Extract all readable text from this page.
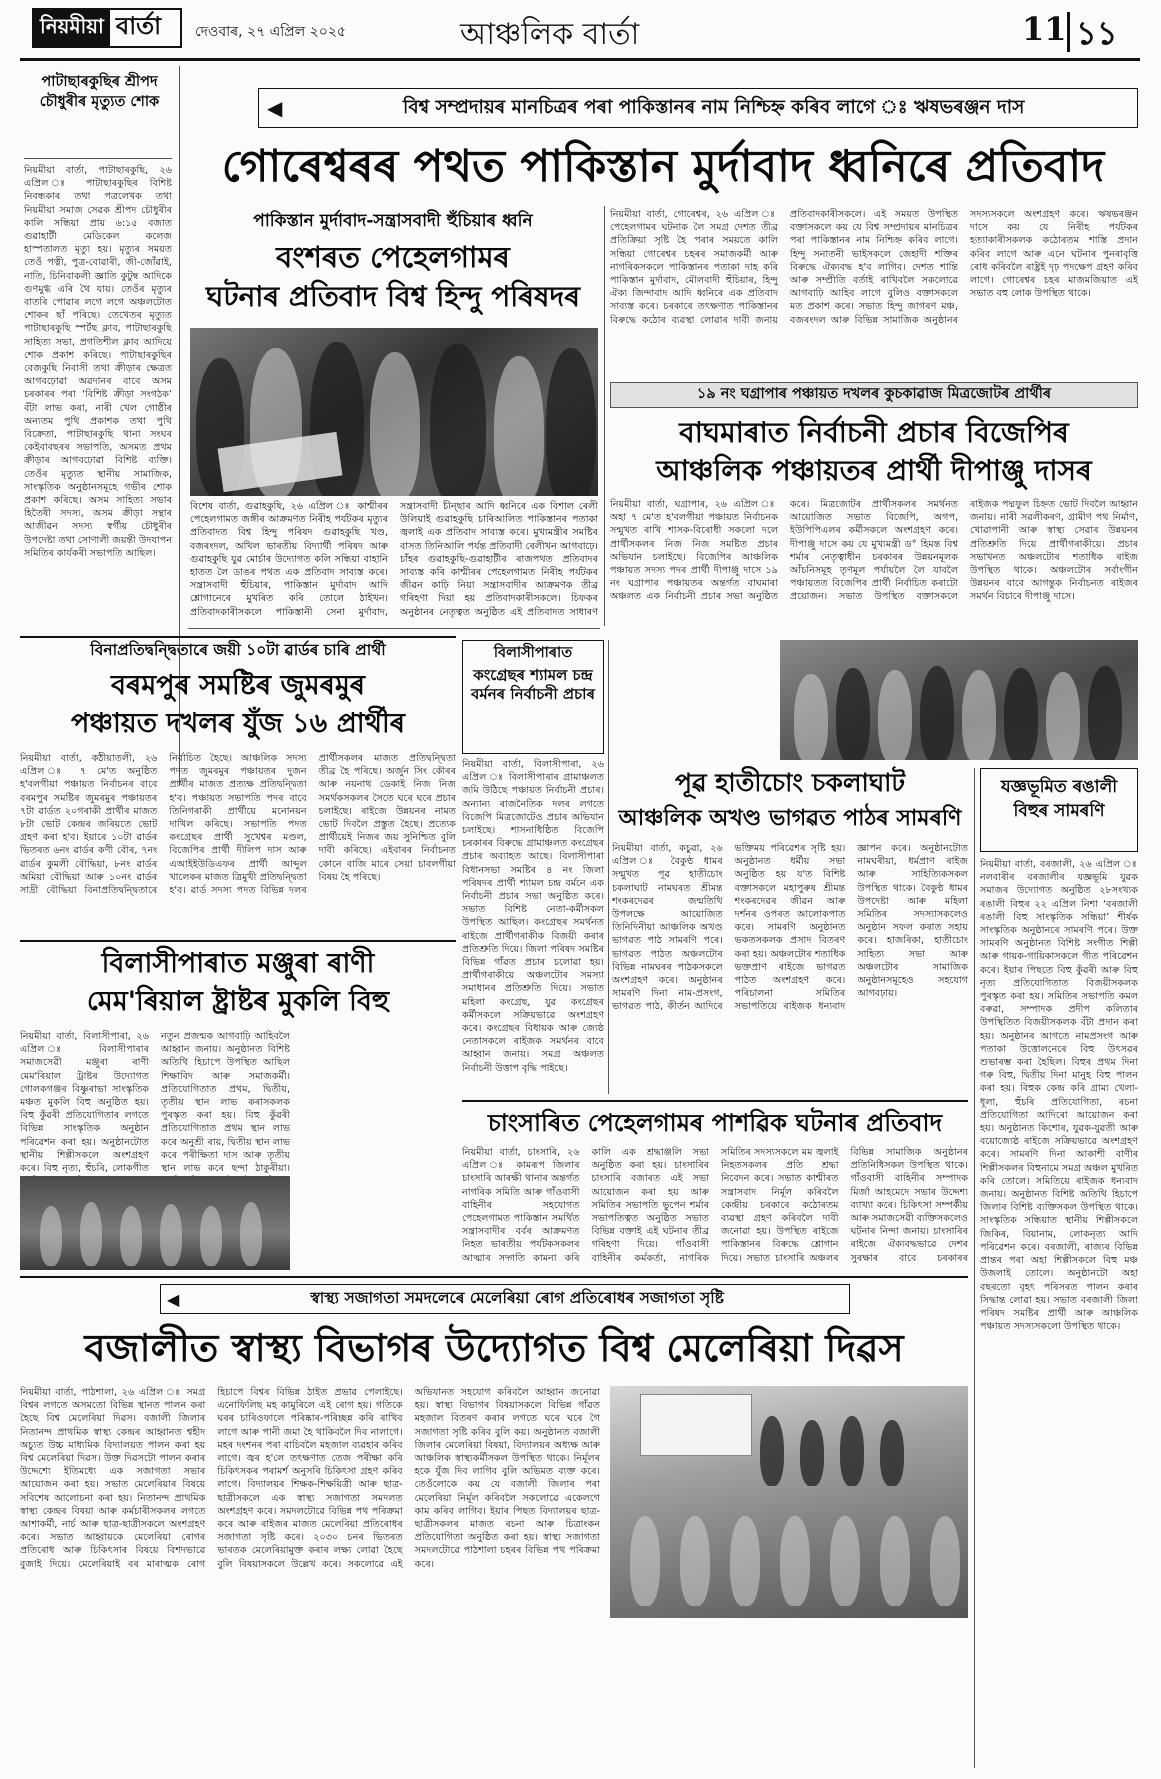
নিয়মীয়া বাৰ্তা	দেওবাৰ, ২৭ এপ্ৰিল ২০২৫	আঞ্চলিক বাৰ্তা	11 ১১
পাটাছাৰকুছিৰ শ্ৰীপদ চৌধুৰীৰ মৃত্যুত শোক
নিয়মীয়া বাৰ্তা, পাটাছাৰকুছি, ২৬ এপ্ৰিল ঃ পাটাছাৰকুছিৰ বিশিষ্ট নিবন্ধকাৰ তথা পত্ৰলেখক তথা নিয়মীয়া সমাজ সেৱক শ্ৰীপদ চৌধুৰীৰ কালি সন্ধিয়া প্ৰায় ৬:১৫ বজাত গুৱাহাটী মেডিকেল কলেজ হাস্পতালত মৃত্যু হয়। মৃত্যুৰ সময়ত তেওঁ পত্নী, পুত্ৰ-বোৱাৰী, জী-জোঁৱাই, নাতি, চিনিবাকলী জ্ঞাতি কুটুম্ব আদিকে গুণমুগ্ধ এৰি থৈ যায়। তেওঁৰ মৃত্যুৰ বাতৰি পোৱাৰ লগে লগে অঞ্চলটোত শোকৰ ছাঁ পৰিছে। তেখেতৰ মৃত্যুত পাটাছাৰকুছি স্পৰ্টছ ক্লাব, পাটাছাৰকুছি সাহিত্য সভা, প্ৰগতিশীল ক্লাব আদিয়ে শোক প্ৰকাশ কৰিছে। পাটাছাৰকুছিৰ বেজকুছি নিবাসী তথা ক্ৰীড়াৰ ক্ষেত্ৰত আগবঢ়োৱা অৱদানৰ বাবে অসম চৰকাৰৰ পৰা ‘বিশিষ্ট ক্ৰীড়া সংগঠক’ বঁটা লাভ কৰা, নাৰী খেল গোষ্ঠীৰ অন্যতম পুথি প্ৰকাশক তথা পুথি বিক্ৰেতা, পাটাছাৰকুছি থানা সংঘৰ কেইবাবছৰৰ সভাপতি, অসমত প্ৰথম ক্ৰীড়াৰ আগবঢ়োৱা বিশিষ্ট ব্যক্তি। তেওঁৰ মৃত্যুত স্থানীয় সামাজিক, সাংস্কৃতিক অনুষ্ঠানসমূহে গভীৰ শোক প্ৰকাশ কৰিছে। অসম সাহিত্য সভাৰ হিতৈষী সদস্য, অসম ক্ৰীড়া সন্থাৰ আজীৱন সদস্য স্বৰ্গীয় চৌধুৰীৰ উপদেষ্টা তথা সোণালী জয়ন্তী উদযাপন সমিতিৰ কাৰ্যকৰী সভাপতি আছিল।
◀	বিশ্ব সম্প্ৰদায়ৰ মানচিত্ৰৰ পৰা পাকিস্তানৰ নাম নিশ্চিহ্ন কৰিব লাগে ঃ ঋষভৰঞ্জন দাস
গোৰেশ্বৰৰ পথত পাকিস্তান মুৰ্দাবাদ ধ্বনিৰে প্ৰতিবাদ
পাকিস্তান মুৰ্দাবাদ-সন্ত্ৰাসবাদী হুঁচিয়াৰ ধ্বনি
বংশৰত পেহেলগামৰ
ঘটনাৰ প্ৰতিবাদ বিশ্ব হিন্দু পৰিষদৰ
বিশেষ বাৰ্তা, গুৱাহকুছি, ২৬ এপ্ৰিল ঃ কাশ্মীৰৰ পেহেলগামত জঙ্গীৰ আক্ৰমণত নিৰীহ পৰ্যটকৰ মৃত্যুৰ প্ৰতিবাদত বিশ্ব হিন্দু পৰিষদ গুৱাহকুছি খণ্ড, বজৰংদল, অখিল ভাৰতীয় বিদ্যাৰ্থী পৰিষদ আৰু গুৱাহকুছি যুৱ মোৰ্চাৰ উদ্যোগত কলি সন্ধিয়া বাহানি হাতত লৈ ডাঙৰ পথত এক প্ৰতিবাদ সাব্যস্ত কৰে। সন্ত্ৰাসবাদী হুঁচিয়াৰ, পাকিস্তান মুৰ্দাবাদ আদি শ্লোগানেৰে মুখৰিত কৰি তোলে ঠাইখন। প্ৰতিবাদকাৰীসকলে পাকিস্তানী সেনা মুৰ্দাবাদ, সন্ত্ৰাসবাদী চীন্ছাৰ আদি ধ্বনিৰে এক বিশাল ৰেলী উলিয়াই গুৱাহকুছি চাৰিআলিত পাকিস্তানৰ পতাকা জ্বলাই এক প্ৰতিবাদ সাব্যস্ত কৰে। মুখ্যমন্ত্ৰীৰ সমষ্টিৰ বাসত তিনিআলি পৰ্যন্ত প্ৰতিবাদী ৰেলীখন আগবাঢ়ে। চাঁহৰ গুৱাহকুছি-গুৱাহাটীৰ ৰাজপথত প্ৰতিবাদৰ সাব্যস্ত কৰি কাশ্মীৰৰ পেহেলগামত নিৰীহ পৰ্যটকৰ জীৱন কাঢ়ি নিয়া সন্ত্ৰাসবাদীৰ আক্ৰমণক তীব্ৰ গৰিহণা দিয়া হয় প্ৰতিবাদকাৰীসকলে। চিফকৰ অনুষ্ঠানৰ নেতৃত্বত অনুষ্ঠিত এই প্ৰতিবাদত সাধাৰণ
নিয়মীয়া বাৰ্তা, গোৰেশ্বৰ, ২৬ এপ্ৰিল ঃ পেহেলগামৰ ঘটনাক লৈ সমগ্ৰ দেশত তীব্ৰ প্ৰতিক্ৰিয়া সৃষ্টি হৈ পৰাৰ সময়তে কালি সন্ধিয়া গোৰেশ্বৰ চহৰৰ সমাজকৰ্মী আৰু নাগৰিকসকলে পাকিস্তানৰ পতাকা দাহ কৰি পাকিস্তান মুৰ্দাবাদ, মৌলবাদী হুঁচিয়াৰ, হিন্দু ঐক্য জিন্দাবাদ আদি ধ্বনিৰে এক প্ৰতিবাদ সাব্যস্ত কৰে। চৰকাৰে তৎক্ষণাত পাকিস্তানৰ বিৰুদ্ধে কঠোৰ ব্যৱস্থা লোৱাৰ দাবী জনায় প্ৰতিবাদকাৰীসকলে। এই সময়ত উপস্থিত বক্তাসকলে কয় যে বিশ্ব সম্প্ৰদায়ৰ মানচিত্ৰৰ পৰা পাকিস্তানৰ নাম নিশ্চিহ্ন কৰিব লাগে। হিন্দু সনাতনী ভাইসকলে জেহাদী শক্তিৰ বিৰুদ্ধে ঐক্যবদ্ধ হ'ব লাগিব। দেশত শান্তি আৰু সম্প্ৰীতি বৰ্তাই ৰাখিবলৈ সকলোৱে আগবাঢ়ি আহিব লাগে বুলিও বক্তাসকলে মত প্ৰকাশ কৰে। সভাত হিন্দু জাগৰণ মঞ্চ, বজৰংদল আৰু বিভিন্ন সামাজিক অনুষ্ঠানৰ সদস্যসকলে অংশগ্ৰহণ কৰে। ঋষভৰঞ্জন দাসে কয় যে নিৰীহ পৰ্যটকৰ হত্যাকাৰীসকলক কঠোৰতম শাস্তি প্ৰদান কৰিব লাগে আৰু এনে ঘটনাৰ পুনৰাবৃত্তি ৰোধ কৰিবলৈ ৰাষ্ট্ৰই দৃঢ় পদক্ষেপ গ্ৰহণ কৰিব লাগে। গোৰেশ্বৰ চহৰ মাজমজিয়াত এই সভাত বহু লোক উপস্থিত থাকে।
১৯ নং ঘগ্ৰাপাৰ পঞ্চায়ত দখলৰ কুচকাৱাজ মিত্ৰজোটৰ প্ৰাৰ্থীৰ
বাঘমাৰাত নিৰ্বাচনী প্ৰচাৰ বিজেপিৰ
আঞ্চলিক পঞ্চায়তৰ প্ৰাৰ্থী দীপাঞ্জু দাসৰ
নিয়মীয়া বাৰ্তা, ঘগ্ৰাপাৰ, ২৬ এপ্ৰিল ঃ অহা ৭ মে'ত হ'বলগীয়া পঞ্চায়ত নিৰ্বাচনক সন্মুখত ৰাখি শাসক-বিৰোধী সকলো দলে প্ৰাৰ্থীসকলৰ নিজ নিজ সমষ্টিত প্ৰচাৰ অভিযান চলাইছে। বিজেপিৰ আঞ্চলিক পঞ্চায়ত সদস্য পদৰ প্ৰাৰ্থী দীপাঞ্জু দাসে ১৯ নং ঘগ্ৰাপাৰ পঞ্চায়তৰ অন্তৰ্গত বাঘমাৰা অঞ্চলত এক নিৰ্বাচনী প্ৰচাৰ সভা অনুষ্ঠিত কৰে। মিত্ৰজোটৰ প্ৰাৰ্থীসকলৰ সমৰ্থনত আয়োজিত সভাত বিজেপি, অগপ, ইউপিপিএলৰ কৰ্মীসকলে অংশগ্ৰহণ কৰে। দীপাঞ্জু দাসে কয় যে মুখ্যমন্ত্ৰী ড° হিমন্ত বিশ্ব শৰ্মাৰ নেতৃত্বাধীন চৰকাৰৰ উন্নয়নমূলক আঁচনিসমূহ তৃণমূল পৰ্যায়লৈ লৈ যাবলৈ পঞ্চায়তত বিজেপিৰ প্ৰাৰ্থী নিৰ্বাচিত কৰাটো প্ৰয়োজন। সভাত উপস্থিত বক্তাসকলে ৰাইজক পদ্মফুল চিহ্নত ভোট দিবলৈ আহ্বান জনায়। নাৰী সৱলীকৰণ, গ্ৰামীণ পথ নিৰ্মাণ, খোৱাপানী আৰু স্বাস্থ্য সেৱাৰ উন্নয়নৰ প্ৰতিশ্ৰুতি দিয়ে প্ৰাৰ্থীগৰাকীয়ে। প্ৰচাৰ সভাখনত অঞ্চলটোৰ শতাধিক ৰাইজ উপস্থিত থাকে। অঞ্চলটোৰ সৰ্বাংগীন উন্নয়নৰ বাবে আগন্তুক নিৰ্বাচনত ৰাইজৰ সমৰ্থন বিচাৰে দীপাঞ্জু দাসে।
বিনাপ্ৰতিদ্বন্দ্বিতাৰে জয়ী ১০টা ৱাৰ্ডৰ চাৰি প্ৰাৰ্থী
বৰমপুৰ সমষ্টিৰ জুমৰমুৰ
পঞ্চায়ত দখলৰ যুঁজ ১৬ প্ৰাৰ্থীৰ
নিয়মীয়া বাৰ্তা, কঠীয়াতলী, ২৬ এপ্ৰিল ঃ ৭ মে'ত অনুষ্ঠিত হ'বলগীয়া পঞ্চায়ত নিৰ্বাচনৰ বাবে বৰমপুৰ সমষ্টিৰ জুমৰমুৰ পঞ্চায়তৰ ৭টা ৱাৰ্ডত ২০গৰাকী প্ৰাৰ্থীৰ মাজত ৮টা ভোট কেন্দ্ৰৰ জৰিয়তে ভোট গ্ৰহণ কৰা হ'ব। ইয়াৰে ১০টা ৱাৰ্ডৰ ভিতৰত ৬নং ৱাৰ্ডৰ কণী বৌৰ, ৭নং ৱাৰ্ডৰ কুমলী বৌদ্ধিয়া, ৮নং ৱাৰ্ডৰ অমিয়া বৌদ্ধিয়া আৰু ১০নং ৱাৰ্ডৰ সাদ্ৰী বৌদ্ধিয়া বিনাপ্ৰতিদ্বন্দ্বিতাৰে নিৰ্বাচিত হৈছে। আঞ্চলিক সদস্য পদত জুমৰমুৰ পঞ্চায়তৰ দুজন প্ৰাৰ্থীৰ মাজত প্ৰত্যক্ষ প্ৰতিদ্বন্দ্বিতা হ'ব। পঞ্চায়ত সভাপতি পদৰ বাবে তিনিগৰাকী প্ৰাৰ্থীয়ে মনোনয়ন দাখিল কৰিছে। সভাপতি পদত কংগ্ৰেছৰ প্ৰাৰ্থী সুখেশ্বৰ মণ্ডল, বিজেপিৰ প্ৰাৰ্থী দীলিপ দাস আৰু এআইইউডিএফৰ প্ৰাৰ্থী আব্দুল খালেকৰ মাজত ত্ৰিমুখী প্ৰতিদ্বন্দ্বিতা হ'ব। ৱাৰ্ড সদস্য পদত বিভিন্ন দলৰ প্ৰাৰ্থীসকলৰ মাজত প্ৰতিদ্বন্দ্বিতা তীব্ৰ হৈ পৰিছে। অৰ্জুন সিং কৌৰৰ আৰু নয়নাথ ডেকাই নিজ নিজ সমৰ্থকসকলৰ সৈতে ঘৰে ঘৰে প্ৰচাৰ চলাইছে। ৰাইজে উন্নয়নৰ নামত ভোট দিবলৈ প্ৰস্তুত হৈছে। প্ৰত্যেক প্ৰাৰ্থীয়েই নিজৰ জয় সুনিশ্চিত বুলি দাবী কৰিছে। এইবাৰৰ নিৰ্বাচনত কোনে বাজি মাৰে সেয়া চাবলগীয়া বিষয় হৈ পৰিছে।
বিলাসীপাৰাত
কংগ্ৰেছৰ শ্যামল চন্দ্ৰ বৰ্মনৰ নিৰ্বাচনী প্ৰচাৰ
নিয়মীয়া বাৰ্তা, বিলাসীপাৰা, ২৬ এপ্ৰিল ঃ বিলাসীপাৰাৰ গ্ৰামাঞ্চলত জমি উঠিছে পঞ্চায়ত নিৰ্বাচনী প্ৰচাৰ। অন্যান্য ৰাজনৈতিক দলৰ লগতে বিজেপি মিত্ৰজোটেও প্ৰচাৰ অভিযান চলাইছে। শাসনাধিষ্ঠিত বিজেপি চৰকাৰৰ বিৰুদ্ধে গ্ৰামাঞ্চলত কংগ্ৰেছৰ প্ৰচাৰ অব্যাহত আছে। বিলাসীপাৰা বিধানসভা সমষ্টিৰ ৪ নং জিলা পৰিষদৰ প্ৰাৰ্থী শ্যামল চন্দ্ৰ বৰ্মনে এক নিৰ্বাচনী প্ৰচাৰ সভা অনুষ্ঠিত কৰে। সভাত বিশিষ্ট নেতা-কৰ্মীসকল উপস্থিত আছিল। কংগ্ৰেছৰ সমৰ্থনত ৰাইজে প্ৰাৰ্থীগৰাকীক বিজয়ী কৰাৰ প্ৰতিশ্ৰুতি দিয়ে। জিলা পৰিষদ সমষ্টিৰ বিভিন্ন গাঁৱত প্ৰচাৰ চলোৱা হয়। প্ৰাৰ্থীগৰাকীয়ে অঞ্চলটোৰ সমস্যা সমাধানৰ প্ৰতিশ্ৰুতি দিয়ে। সভাত মহিলা কংগ্ৰেছ, যুৱ কংগ্ৰেছৰ কৰ্মীসকলে সক্ৰিয়ভাৱে অংশগ্ৰহণ কৰে। কংগ্ৰেছৰ বিধায়ক আৰু জ্যেষ্ঠ নেতাসকলে ৰাইজক সমৰ্থনৰ বাবে আহ্বান জনায়। সমগ্ৰ অঞ্চলত নিৰ্বাচনী উত্তাপ বৃদ্ধি পাইছে।
বিলাসীপাৰাত মঞ্জুৰা ৰাণী
মেম'ৰিয়াল ষ্ট্ৰাষ্টৰ মুকলি বিহু
নিয়মীয়া বাৰ্তা, বিলাসীপাৰা, ২৬ এপ্ৰিল ঃ বিলাসীপাৰাৰ সমাজসেৱী মঞ্জুৰা ৰাণী মেম'ৰিয়াল ট্ৰাষ্টৰ উদ্যোগত গোলকগঞ্জৰ বিষ্ণুৰাভা সাংস্কৃতিক মঞ্চত মুকলি বিহু অনুষ্ঠিত হয়। বিহু কুঁৱৰী প্ৰতিযোগিতাৰ লগতে বিভিন্ন সাংস্কৃতিক অনুষ্ঠান পৰিৱেশন কৰা হয়। অনুষ্ঠানটোত স্থানীয় শিল্পীসকলে অংশগ্ৰহণ কৰে। বিহু নৃত্য, হুঁচৰি, লোকগীত নতুন প্ৰজন্মক আগবাঢ়ি আহিবলৈ আহ্বান জনায়। অনুষ্ঠানত বিশিষ্ট অতিথি হিচাপে উপস্থিত আছিল শিক্ষাবিদ আৰু সমাজকৰ্মী। প্ৰতিযোগিতাত প্ৰথম, দ্বিতীয়, তৃতীয় স্থান লাভ কৰাসকলক পুৰস্কৃত কৰা হয়। বিহু কুঁৱৰী প্ৰতিযোগিতাত প্ৰথম স্থান লাভ কৰে অনুশ্ৰী ৰায়, দ্বিতীয় স্থান লাভ কৰে পৰীক্ষিতা দাস আৰু তৃতীয় স্থান লাভ কৰে ছন্দা ঠাকুৰীয়া।
পূৱ হাতীচোং চকলাঘাট
আঞ্চলিক অখণ্ড ভাগৱত পাঠৰ সামৰণি
নিয়মীয়া বাৰ্তা, কচুৱা, ২৬ এপ্ৰিল ঃ বৈকুণ্ঠ ধামৰ সন্মুখত পূৱ হাতীচোং চকলাঘাট নামঘৰত শ্ৰীমন্ত শংকৰদেৱৰ জন্মতিথি উপলক্ষে আয়োজিত তিনিদিনীয়া আঞ্চলিক অখণ্ড ভাগৱত পাঠ সামৰণি পৰে। ভাগৱত পাঠত অঞ্চলটোৰ বিভিন্ন নামঘৰৰ পাঠকসকলে অংশগ্ৰহণ কৰে। অনুষ্ঠানৰ সামৰণি দিনা নাম-প্ৰসংগ, ভাগৱত পাঠ, কীৰ্তন আদিৰে ভক্তিময় পৰিৱেশৰ সৃষ্টি হয়। অনুষ্ঠানত ধৰ্মীয় সভা অনুষ্ঠিত হয় য'ত বিশিষ্ট বক্তাসকলে মহাপুৰুষ শ্ৰীমন্ত শংকৰদেৱৰ জীৱন আৰু দৰ্শনৰ ওপৰত আলোকপাত কৰে। সামৰণি অনুষ্ঠানত ভকতসকলক প্ৰসাদ বিতৰণ কৰা হয়। অঞ্চলটোৰ শতাধিক ভক্তপ্ৰাণ ৰাইজে ভাগৱত পাঠত অংশগ্ৰহণ কৰে। পৰিচালনা সমিতিৰ সভাপতিয়ে ৰাইজক ধন্যবাদ জ্ঞাপন কৰে। অনুষ্ঠানটোত নামঘৰীয়া, ধৰ্মপ্ৰাণ ৰাইজ আৰু সাহিত্যিকসকল উপস্থিত থাকে। বৈকুণ্ঠ ধামৰ উপদেষ্টা আৰু মহিলা সমিতিৰ সদস্যাসকলেও অনুষ্ঠান সফল কৰাত সহায় কৰে। হাজৰিকা, হাতীচোং সাহিত্য সভা আৰু অঞ্চলটোৰ সামাজিক অনুষ্ঠানসমূহেও সহযোগ আগবঢ়ায়।
যজ্ঞভূমিত ৰঙালী বিহুৰ সামৰণি
নিয়মীয়া বাৰ্তা, বৰজালী, ২৬ এপ্ৰিল ঃ নলবাৰীৰ বৰজালীৰ যজ্ঞভূমি যুৱক সমাজৰ উদ্যোগত অনুষ্ঠিত ২৮সংখ্যক ৰঙালী বিহুৰ ২২ এপ্ৰিল নিশা ‘বৰজালী ৰঙালী বিহু সাংস্কৃতিক সন্ধিয়া’ শীৰ্ষক সাংস্কৃতিক অনুষ্ঠানৰে সামৰণি পৰে। উক্ত সামৰণি অনুষ্ঠানত বিশিষ্ট সংগীত শিল্পী আৰু গায়ক-গায়িকাসকলে গীত পৰিৱেশন কৰে। ইয়াৰ পিছতে বিহু কুঁৱৰী আৰু বিহু নৃত্য প্ৰতিযোগিতাত বিজয়ীসকলক পুৰস্কৃত কৰা হয়। সমিতিৰ সভাপতি কমল বৰুৱা, সম্পাদক প্ৰদীপ কলিতাৰ উপস্থিতিত বিজয়ীসকলক বঁটা প্ৰদান কৰা হয়। অনুষ্ঠানৰ আগতে নামপ্ৰসংগ আৰু পতাকা উত্তোলনেৰে বিহু উৎসৱৰ শুভাৰম্ভ কৰা হৈছিল। বিহুৰ প্ৰথম দিনা গৰু বিহু, দ্বিতীয় দিনা মানুহ বিহু পালন কৰা হয়। বিহুক কেন্দ্ৰ কৰি গ্ৰাম্য খেলা-ধূলা, হুঁচৰি প্ৰতিযোগিতা, ৰচনা প্ৰতিযোগিতা আদিৰো আয়োজন কৰা হয়। অনুষ্ঠানত কিশোৰ, যুৱক-যুৱতী আৰু বয়োজ্যেষ্ঠ ৰাইজে সক্ৰিয়ভাৱে অংশগ্ৰহণ কৰে। সামৰণি দিনা আকাশী বাণীৰ শিল্পীসকলৰ বিহুনামে সমগ্ৰ অঞ্চল মুখৰিত কৰি তোলে। সমিতিয়ে ৰাইজক ধন্যবাদ জনায়। অনুষ্ঠানত বিশিষ্ট অতিথি হিচাপে জিলাৰ বিশিষ্ট ব্যক্তিসকল উপস্থিত থাকে। সাংস্কৃতিক সন্ধিয়াত স্থানীয় শিল্পীসকলে জিকিৰ, বিয়ানাম, লোকনৃত্য আদি পৰিৱেশন কৰে। বৰজালী, ৰাজ্যৰ বিভিন্ন প্ৰান্তৰ পৰা অহা শিল্পীসকলে বিহু মঞ্চ উজলাই তোলে। অনুষ্ঠানটো অহা বছৰতো বৃহৎ পৰিসৰত পালন কৰাৰ সিদ্ধান্ত লোৱা হয়। সভাত বৰজালী জিলা পৰিষদ সমষ্টিৰ প্ৰাৰ্থী আৰু আঞ্চলিক পঞ্চায়ত সদস্যসকলো উপস্থিত থাকে।
চাংসাৰিত পেহেলগামৰ পাশৱিক ঘটনাৰ প্ৰতিবাদ
নিয়মীয়া বাৰ্তা, চাংসাৰি, ২৬ এপ্ৰিল ঃ কামৰূপ জিলাৰ চাংসাৰি আৰক্ষী থানাৰ অন্তৰ্গত নাগৰিক সমিতি আৰু গাঁওবাসী বাহিনীৰ সহযোগত পেহেলগামত পাকিস্তান সমৰ্থিত সন্ত্ৰাসবাদীৰ বৰ্বৰ আক্ৰমণত নিহত ভাৰতীয় পৰ্যটকসকলৰ আত্মাৰ সদ্গতি কামনা কৰি কালি এক শ্ৰদ্ধাঞ্জলি সভা অনুষ্ঠিত কৰা হয়। চাংসাৰিৰ চাংসাৰি বজাৰত এই সভা আয়োজন কৰা হয় আৰু সমিতিৰ সভাপতি ভুপেন শৰ্মাৰ সভাপতিত্বত অনুষ্ঠিত সভাত বিভিন্ন বক্তাই এই ঘটনাৰ তীব্ৰ গৰিহণা দিয়ে। গাঁওবাসী বাহিনীৰ কৰ্মকৰ্তা, নাগৰিক সমিতিৰ সদস্যসকলে মম জ্বলাই নিহতসকলৰ প্ৰতি শ্ৰদ্ধা নিবেদন কৰে। সভাত কাশ্মীৰত সন্ত্ৰাসবাদ নিৰ্মূল কৰিবলৈ কেন্দ্ৰীয় চৰকাৰে কঠোৰতম ব্যৱস্থা গ্ৰহণ কৰিবলৈ দাবী জনোৱা হয়। উপস্থিত ৰাইজে পাকিস্তানৰ বিৰুদ্ধে শ্লোগান দিয়ে। সভাত চাংসাৰি অঞ্চলৰ বিভিন্ন সামাজিক অনুষ্ঠানৰ প্ৰতিনিধিসকল উপস্থিত থাকে। গাঁওবাসী বাহিনীৰ সম্পাদক মিৰ্জা আহমেদে সভাৰ উদ্দেশ্য ব্যাখ্যা কৰে। চিকিৎসা সম্পৰ্কীয় আৰু সমাজসেৱী ব্যক্তিসকলেও ঘটনাৰ নিন্দা জনায়। চাংসাৰিৰ ৰাইজে ঐক্যবদ্ধভাৱে দেশৰ সুৰক্ষাৰ বাবে চৰকাৰৰ
◀	স্বাস্থ্য সজাগতা সমদলেৰে মেলেৰিয়া ৰোগ প্ৰতিৰোধৰ সজাগতা সৃষ্টি
বজালীত স্বাস্থ্য বিভাগৰ উদ্যোগত বিশ্ব মেলেৰিয়া দিৱস
নিয়মীয়া বাৰ্তা, পাঠশালা, ২৬ এপ্ৰিল ঃ সমগ্ৰ বিশ্বৰ লগতে অসমতো বিভিন্ন স্থানত পালন কৰা হৈছে বিশ্ব মেলেৰিয়া দিৱস। বজালী জিলাৰ নিতানন্দ প্ৰাথমিক স্বাস্থ্য কেন্দ্ৰৰ আহ্বানত শ্বহীদ অচ্যুত উচ্চ মাধ্যমিক বিদ্যালয়ত পালন কৰা হয় বিশ্ব মেলেৰিয়া দিৱস। উক্ত দিৱসটো পালন কৰাৰ উদ্দেশ্যে ইতিমধ্যে এক সজাগতা সভাৰ আয়োজন কৰা হয়। সভাত মেলেৰিয়াৰ বিষয়ে সবিশেষ আলোচনা কৰা হয়। নিতানন্দ প্ৰাথমিক স্বাস্থ্য কেন্দ্ৰৰ বিষয়া আৰু কৰ্মচাৰীসকলৰ লগতে আশাকৰ্মী, নাৰ্চ আৰু ছাত্ৰ-ছাত্ৰীসকলে অংশগ্ৰহণ কৰে। সভাত আহ্বায়কে মেলেৰিয়া ৰোগৰ প্ৰতিৰোধ আৰু চিকিৎসাৰ বিষয়ে বিশদভাৱে বুজাই দিয়ে। মেলেৰিয়াই বৰ মাৰাত্মক ৰোগ হিচাপে বিশ্বৰ বিভিন্ন ঠাইত প্ৰভাৱ পেলাইছে। এনোফিলিছ মহ কামুৰিলে এই ৰোগ হয়। গতিকে ঘৰৰ চাৰিওফালে পৰিষ্কাৰ-পৰিচ্ছন্ন কৰি ৰাখিব লাগে আৰু পানী জমা হৈ থাকিবলৈ দিব নালাগে। মহৰ দংশনৰ পৰা বাচিবলৈ মহজাল ব্যৱহাৰ কৰিব লাগে। জ্বৰ হ'লে তৎক্ষণাত তেজ পৰীক্ষা কৰি চিকিৎসকৰ পৰামৰ্শ অনুসৰি চিকিৎসা গ্ৰহণ কৰিব লাগে। বিদ্যালয়ৰ শিক্ষক-শিক্ষয়িত্ৰী আৰু ছাত্ৰ-ছাত্ৰীসকলে এক স্বাস্থ্য সজাগতা সমদলত অংশগ্ৰহণ কৰে। সমদলটোৱে বিভিন্ন পথ পৰিক্ৰমা কৰে আৰু ৰাইজৰ মাজত মেলেৰিয়া প্ৰতিৰোধৰ সজাগতা সৃষ্টি কৰে। ২০৩০ চনৰ ভিতৰত ভাৰতক মেলেৰিয়ামুক্ত কৰাৰ লক্ষ্য লোৱা হৈছে বুলি বিষয়াসকলে উল্লেখ কৰে। সকলোৱে এই অভিযানত সহযোগ কৰিবলৈ আহ্বান জনোৱা হয়। স্বাস্থ্য বিভাগৰ বিষয়াসকলে বিভিন্ন গাঁৱত মহজাল বিতৰণ কৰাৰ লগতে ঘৰে ঘৰে গৈ সজাগতা সৃষ্টি কৰিব বুলি কয়। অনুষ্ঠানত বজালী জিলাৰ মেলেৰিয়া বিষয়া, বিদ্যালয়ৰ অধ্যক্ষ আৰু আঞ্চলিক স্বাস্থ্যকৰ্মীসকল উপস্থিত থাকে। নিৰ্মূলৰ হকে যুঁজ দিব লাগিব বুলি অভিমত ব্যক্ত কৰে। তেওঁলোকে কয় যে বজালী জিলাৰ পৰা মেলেৰিয়া নিৰ্মূল কৰিবলৈ সকলোৱে একেলগে কাম কৰিব লাগিব। ইয়াৰ পিছত বিদ্যালয়ৰ ছাত্ৰ-ছাত্ৰীসকলৰ মাজত ৰচনা আৰু চিত্ৰাংকন প্ৰতিযোগিতা অনুষ্ঠিত কৰা হয়। স্বাস্থ্য সজাগতা সমদলটোৱে পাঠশালা চহৰৰ বিভিন্ন পথ পৰিক্ৰমা কৰে।
